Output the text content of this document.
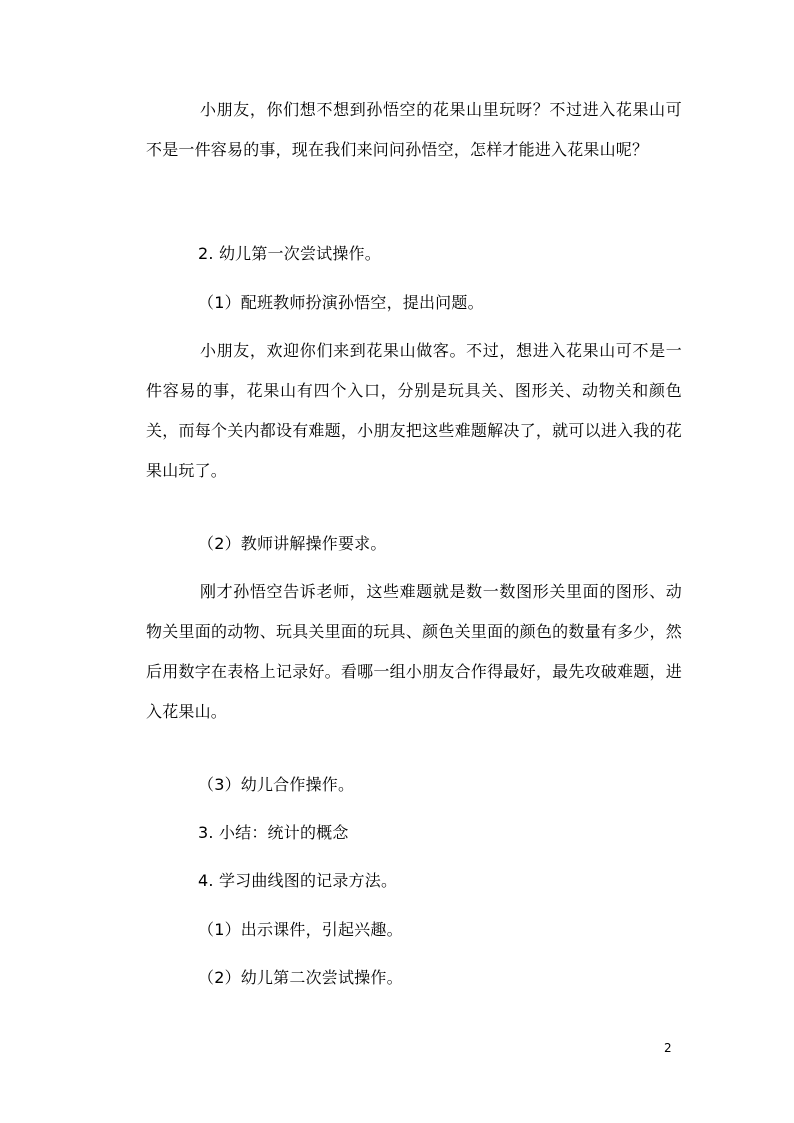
小朋友，你们想不想到孙悟空的花果山里玩呀？不过进入花果山可不是一件容易的事，现在我们来问问孙悟空，怎样才能进入花果山呢？

2. 幼儿第一次尝试操作。

（1）配班教师扮演孙悟空，提出问题。

小朋友，欢迎你们来到花果山做客。不过，想进入花果山可不是一件容易的事，花果山有四个入口，分别是玩具关、图形关、动物关和颜色关，而每个关内都设有难题，小朋友把这些难题解决了，就可以进入我的花果山玩了。

（2）教师讲解操作要求。

刚才孙悟空告诉老师，这些难题就是数一数图形关里面的图形、动物关里面的动物、玩具关里面的玩具、颜色关里面的颜色的数量有多少，然后用数字在表格上记录好。看哪一组小朋友合作得最好，最先攻破难题，进入花果山。

（3）幼儿合作操作。

3. 小结：统计的概念

4. 学习曲线图的记录方法。

（1）出示课件，引起兴趣。

（2）幼儿第二次尝试操作。

2
